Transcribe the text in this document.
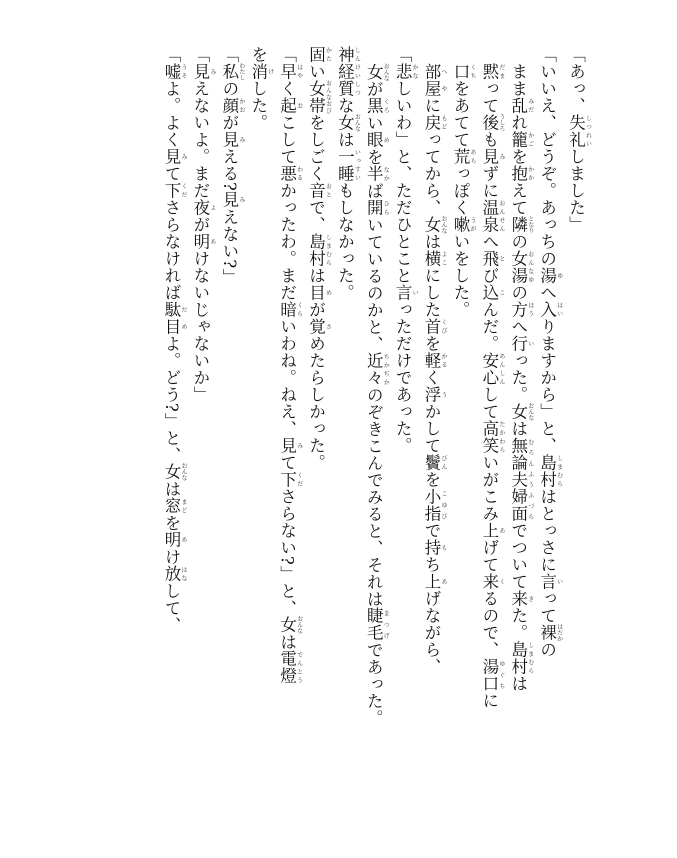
「あっ、失礼 しつれいしました」

「いいえ、どうぞ。あっちの湯 ゆへ入 はいりますから」と、島村 しまむらはとっさに言 いって裸 はだかの

まま乱 みだれ籠 かごを抱 かかえて隣 となりの女湯 おんなゆの方 ほうへ行 いった。女 おんなは無論夫婦面 むろんふうふづらでついて来 きた。島村 しまむらは

黙 だまって後 うしろも見 みずに温泉 おんせんへ飛 とび込 こんだ。安心 あんしんして高笑 たかわらいがこみ上 あげて来 くるので、湯口 ゆぐちに

口 くちをあてて荒 あらっぽく嗽 うがいをした。

部屋 へやに戻 もどってから、女 おんなは横 よこにした首 くびを軽 かるく浮 うかして鬢 びんを小指 こゆびで持 もち上 あげながら、

「悲 かなしいわ」と、ただひとこと言 いっただけであった。

女 おんなが黒 くろい眼 めを半 なかば開 ひらいているのかと、近々 ちかぢかのぞきこんでみると、それは睫毛 まつげであった。

神経質 しんけいしつな女 おんなは一睡 いっすいもしなかった。

固 かたい女帯 おんなおびをしごく音 おとで、島村 しまむらは目 めが覚 さめたらしかった。

「早 はやく起 おこして悪 わるかったわ。まだ暗 くらいわね。ねえ、見 みて下 くださらない?」と、女 おんなは電燈 でんとう

を消 けした。

「私 わたしの顔 かおが見 みえる?見 みえない?」

「見 みえないよ。まだ夜 よが明 あけないじゃないか」

「嘘 うそよ。よく見 みて下 くださらなければ駄目 だめよ。どう?」と、女 おんなは窓 まどを明 あけ放 はなして、
